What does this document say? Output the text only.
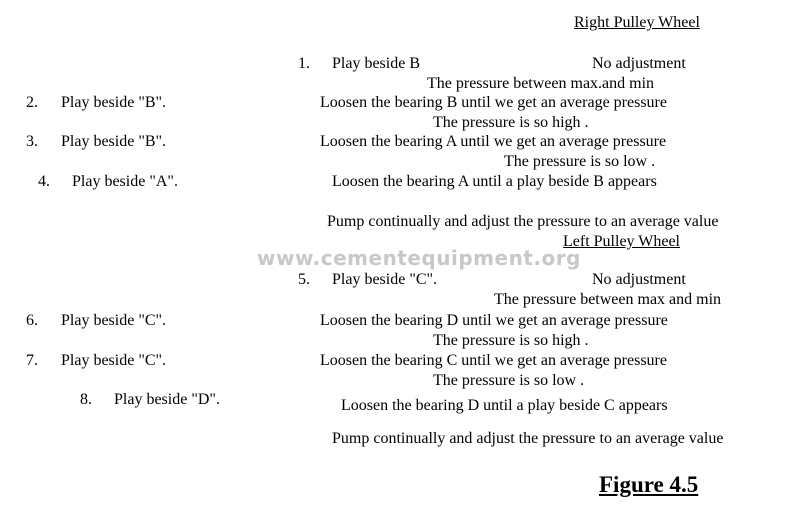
Right Pulley Wheel
1. Play beside B	No adjustment
The pressure between max.and min
2. Play beside "B".	Loosen the bearing B until we get an average pressure
The pressure is so high .
3. Play beside "B".	Loosen the bearing A until we get an average pressure
The pressure is so low .
4. Play beside "A".	Loosen the bearing A until a play beside B appears
Pump continually and adjust the pressure to an average value
www.cementequipment.org
Left Pulley Wheel
5. Play beside "C".	No adjustment
The pressure between max and min
6. Play beside "C".	Loosen the bearing D until we get an average pressure
The pressure is so high .
7. Play beside "C".	Loosen the bearing C until we get an average pressure
The pressure is so low .
8. Play beside "D".	Loosen the bearing D until a play beside C appears
Pump continually and adjust the pressure to an average value
Figure 4.5
